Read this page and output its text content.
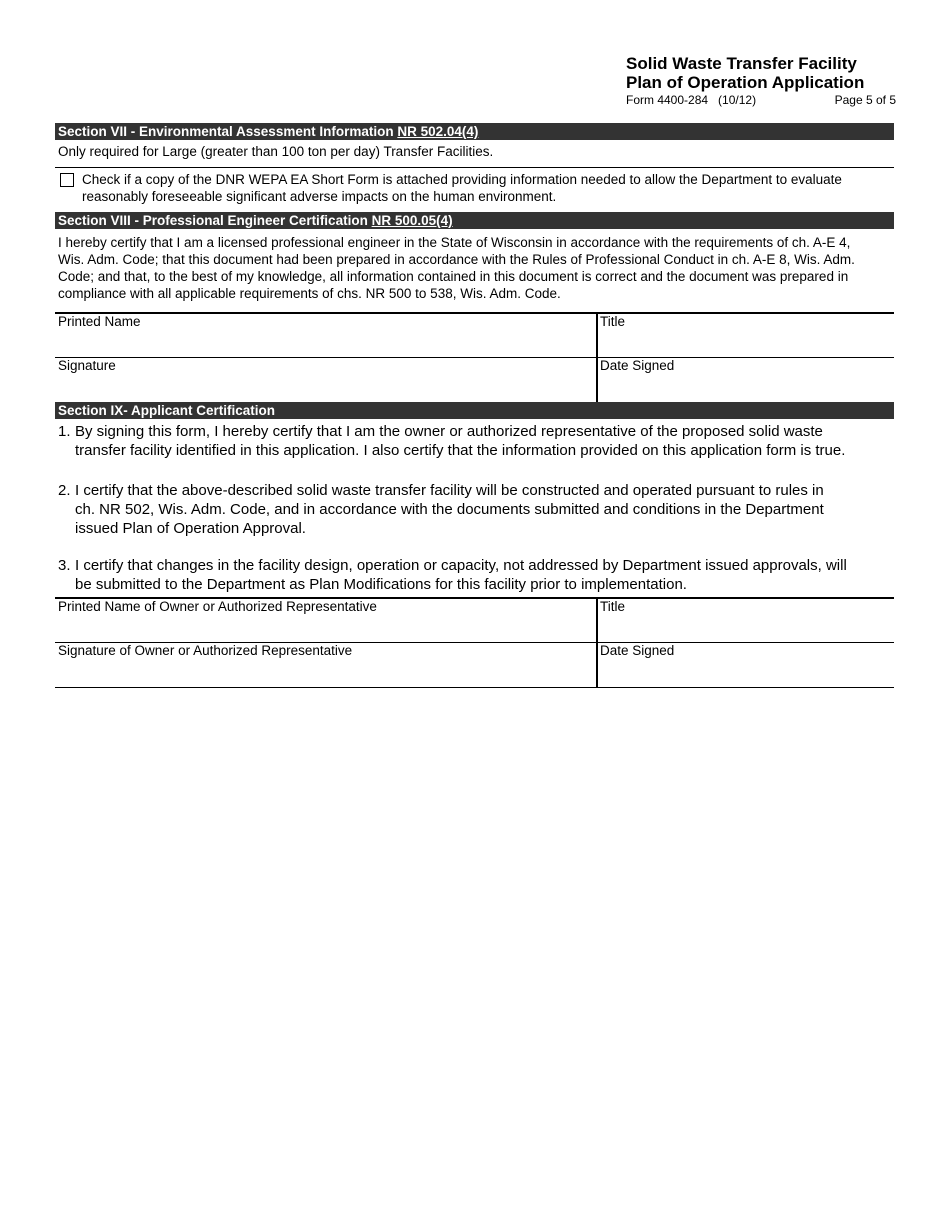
Solid Waste Transfer Facility
Plan of Operation Application
Form 4400-284   (10/12)	Page 5 of 5
Section VII - Environmental Assessment Information NR 502.04(4)
Only required for Large (greater than 100 ton per day) Transfer Facilities.
Check if a copy of the DNR WEPA EA Short Form is attached providing information needed to allow the Department to evaluate
reasonably foreseeable significant adverse impacts on the human environment.
Section VIII - Professional Engineer Certification NR 500.05(4)
I hereby certify that I am a licensed professional engineer in the State of Wisconsin in accordance with the requirements of ch. A-E 4,
Wis. Adm. Code; that this document had been prepared in accordance with the Rules of Professional Conduct in ch. A-E 8, Wis. Adm.
Code; and that, to the best of my knowledge, all information contained in this document is correct and the document was prepared in
compliance with all applicable requirements of chs. NR 500 to 538, Wis. Adm. Code.
Printed Name	Title
Signature	Date Signed
Section IX- Applicant Certification
1. By signing this form, I hereby certify that I am the owner or authorized representative of the proposed solid waste
transfer facility identified in this application. I also certify that the information provided on this application form is true.
2. I certify that the above-described solid waste transfer facility will be constructed and operated pursuant to rules in
ch. NR 502, Wis. Adm. Code, and in accordance with the documents submitted and conditions in the Department
issued Plan of Operation Approval.
3. I certify that changes in the facility design, operation or capacity, not addressed by Department issued approvals, will
be submitted to the Department as Plan Modifications for this facility prior to implementation.
Printed Name of Owner or Authorized Representative	Title
Signature of Owner or Authorized Representative	Date Signed
